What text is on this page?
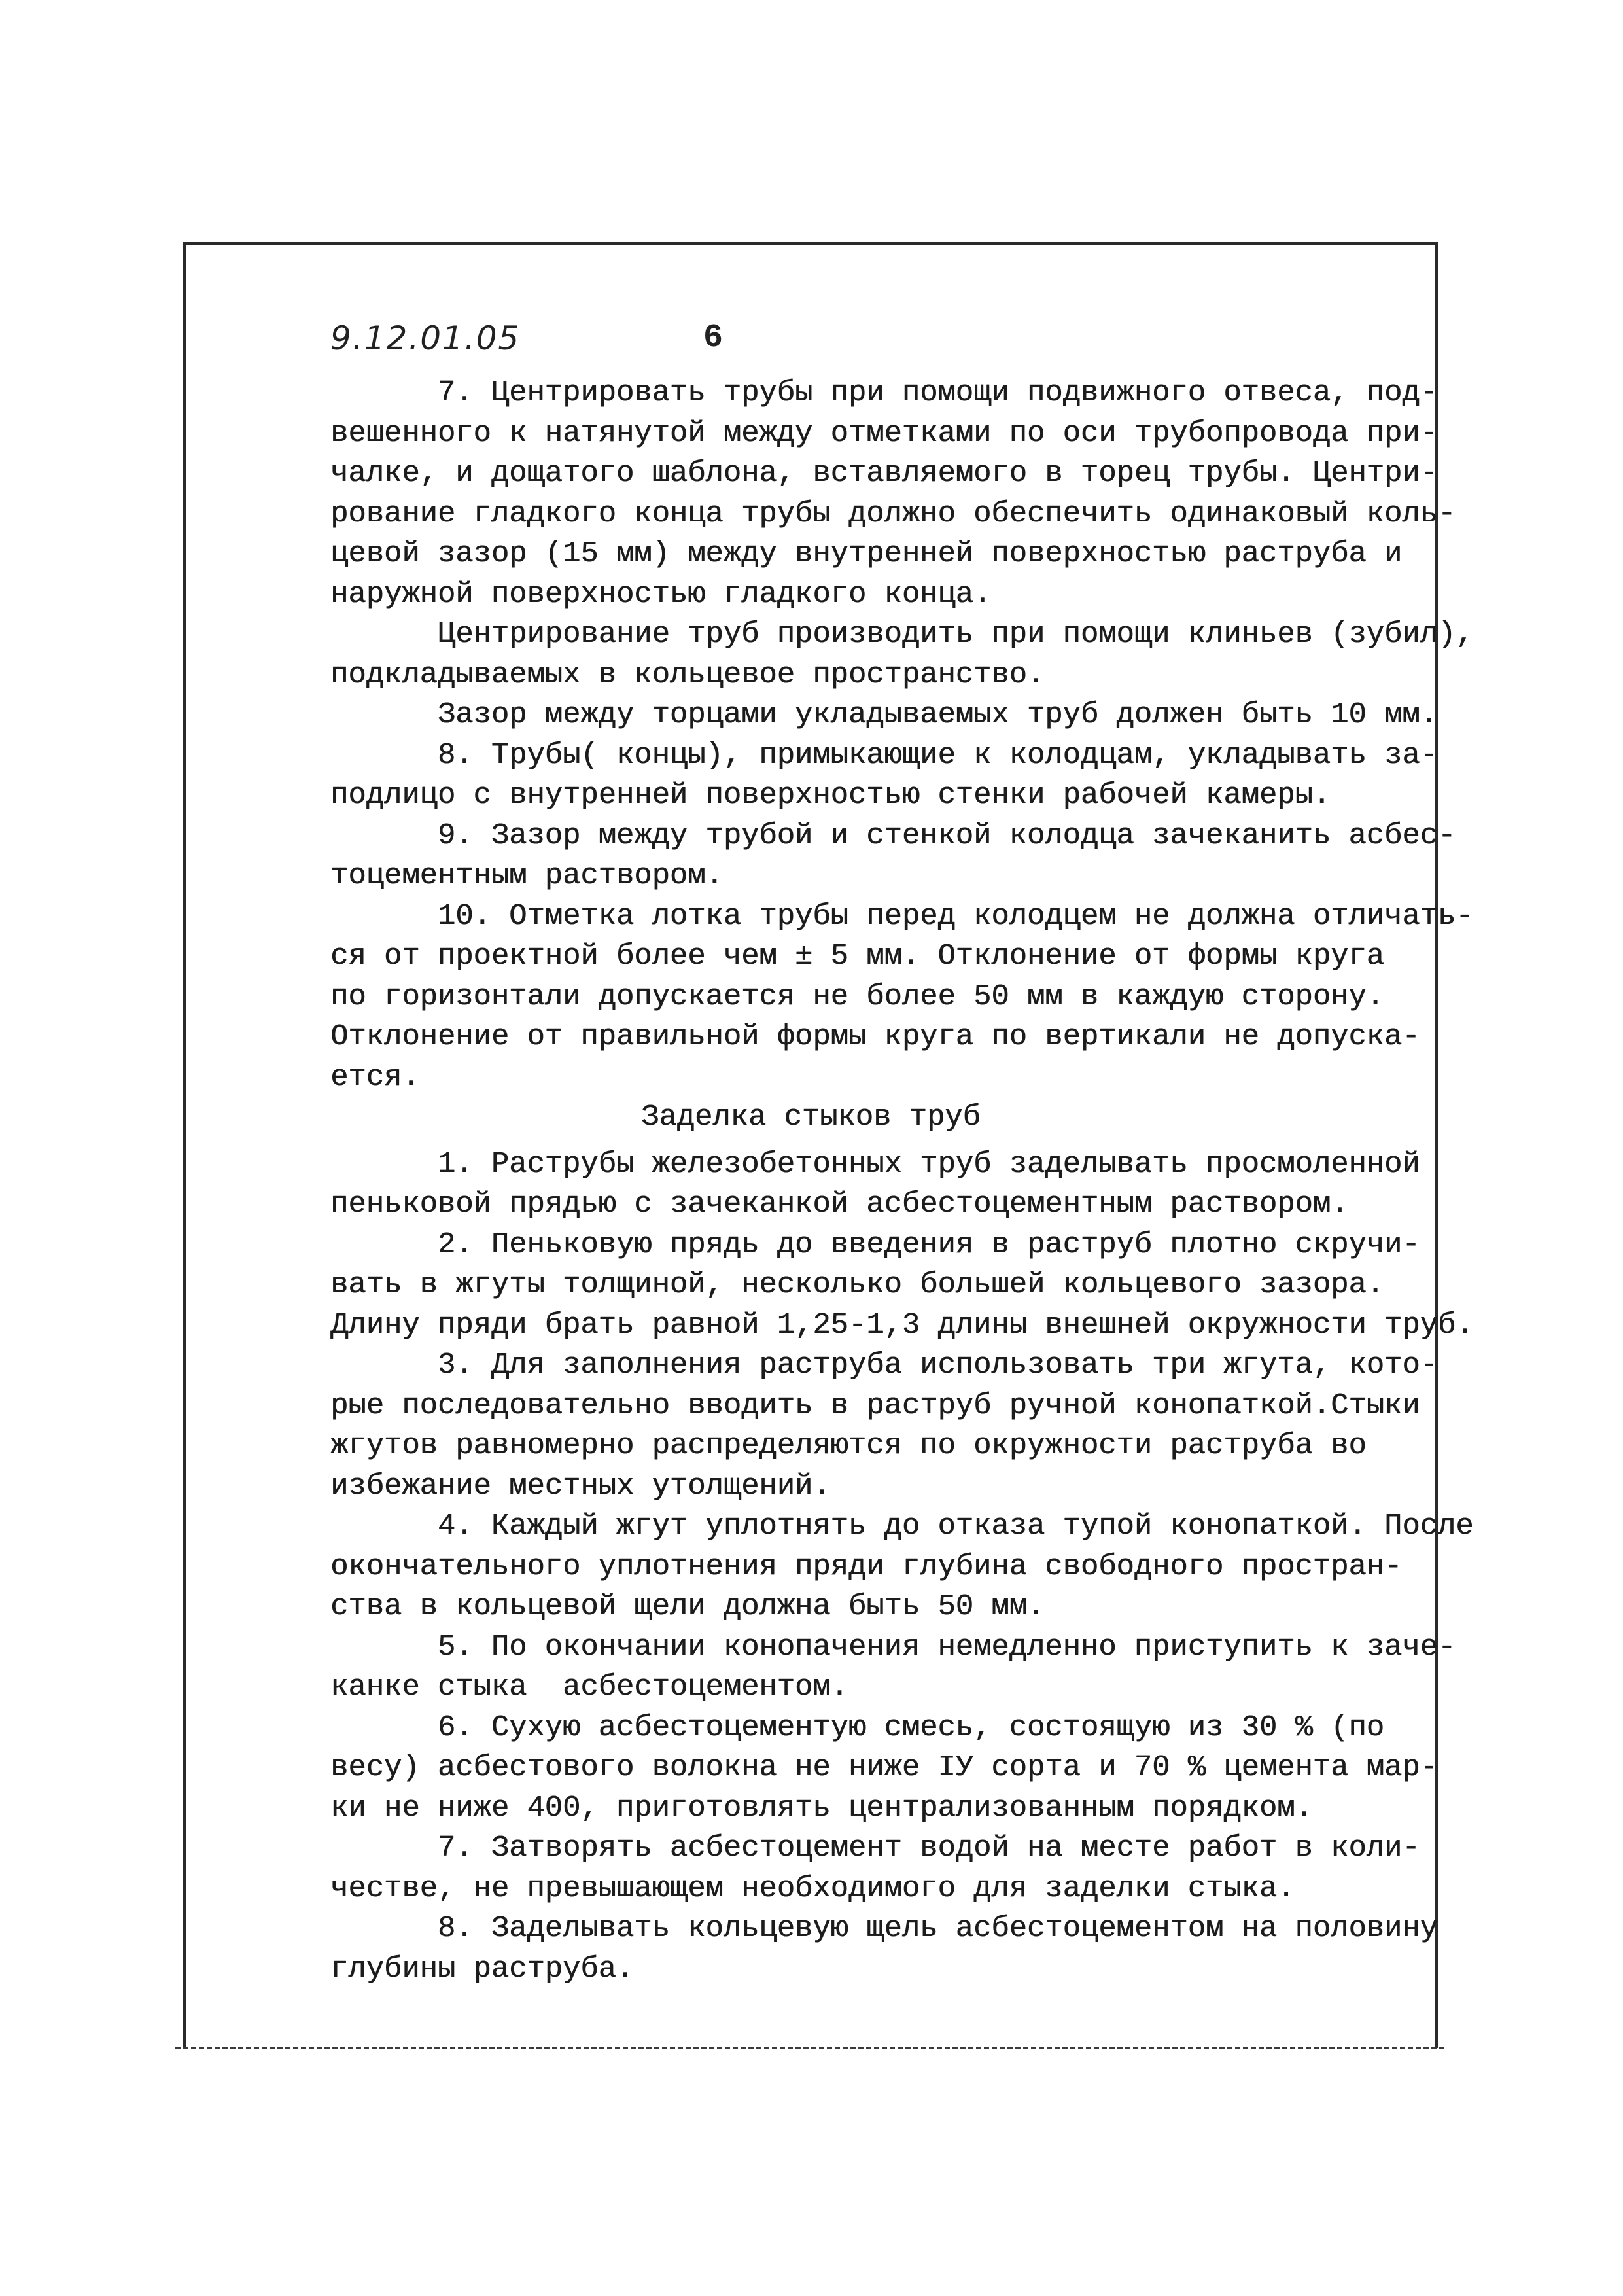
9.12.01.05	6

7. Центрировать трубы при помощи подвижного отвеса, под-

вешенного к натянутой между отметками по оси трубопровода при-

чалке, и дощатого шаблона, вставляемого в торец трубы. Центри-

рование гладкого конца трубы должно обеспечить одинаковый коль-

цевой зазор (15 мм) между внутренней поверхностью раструба и

наружной поверхностью гладкого конца.

Центрирование труб производить при помощи клиньев (зубил),

подкладываемых в кольцевое пространство.

Зазор между торцами укладываемых труб должен быть 10 мм.

8. Трубы( концы), примыкающие к колодцам, укладывать за-

подлицо с внутренней поверхностью стенки рабочей камеры.

9. Зазор между трубой и стенкой колодца зачеканить асбес-

тоцементным раствором.

10. Отметка лотка трубы перед колодцем не должна отличать-

ся от проектной более чем ± 5 мм. Отклонение от формы круга

по горизонтали допускается не более 50 мм в каждую сторону.

Отклонение от правильной формы круга по вертикали не допуска-

ется.

Заделка стыков труб

1. Раструбы железобетонных труб заделывать просмоленной

пеньковой прядью с зачеканкой асбестоцементным раствором.

2. Пеньковую прядь до введения в раструб плотно скручи-

вать в жгуты толщиной, несколько большей кольцевого зазора.

Длину пряди брать равной 1,25-1,3 длины внешней окружности труб.

3. Для заполнения раструба использовать три жгута, кото-

рые последовательно вводить в раструб ручной конопаткой.Стыки

жгутов равномерно распределяются по окружности раструба во

избежание местных утолщений.

4. Каждый жгут уплотнять до отказа тупой конопаткой. После

окончательного уплотнения пряди глубина свободного простран-

ства в кольцевой щели должна быть 50 мм.

5. По окончании конопачения немедленно приступить к заче-

канке стыка  асбестоцементом.

6. Сухую асбестоцементую смесь, состоящую из 30 % (по

весу) асбестового волокна не ниже IУ сорта и 70 % цемента мар-

ки не ниже 400, приготовлять централизованным порядком.

7. Затворять асбестоцемент водой на месте работ в коли-

честве, не превышающем необходимого для заделки стыка.

8. Заделывать кольцевую щель асбестоцементом на половину

глубины раструба.
